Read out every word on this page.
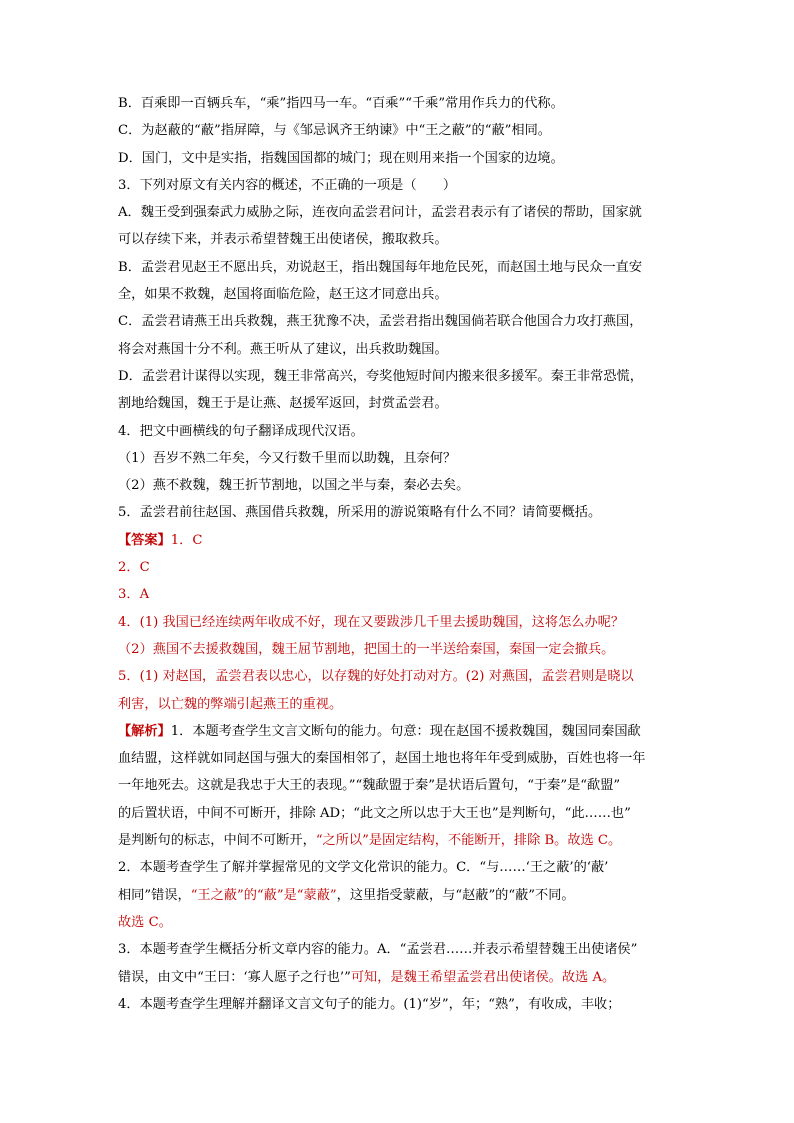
B．百乘即一百辆兵车，“乘”指四马一车。“百乘”“千乘”常用作兵力的代称。
C．为赵蔽的“蔽”指屏障，与《邹忌讽齐王纳谏》中“王之蔽”的“蔽”相同。
D．国门，文中是实指，指魏国国都的城门；现在则用来指一个国家的边境。
3．下列对原文有关内容的概述，不正确的一项是（　　）
A．魏王受到强秦武力威胁之际，连夜向孟尝君问计，孟尝君表示有了诸侯的帮助，国家就
可以存续下来，并表示希望替魏王出使诸侯，搬取救兵。
B．孟尝君见赵王不愿出兵，劝说赵王，指出魏国每年地危民死，而赵国土地与民众一直安
全，如果不救魏，赵国将面临危险，赵王这才同意出兵。
C．孟尝君请燕王出兵救魏，燕王犹豫不决，孟尝君指出魏国倘若联合他国合力攻打燕国，
将会对燕国十分不利。燕王听从了建议，出兵救助魏国。
D．孟尝君计谋得以实现，魏王非常高兴，夸奖他短时间内搬来很多援军。秦王非常恐慌，
割地给魏国，魏王于是让燕、赵援军返回，封赏孟尝君。
4．把文中画横线的句子翻译成现代汉语。
（1）吾岁不熟二年矣，今又行数千里而以助魏，且奈何？
（2）燕不救魏，魏王折节割地，以国之半与秦，秦必去矣。
5．孟尝君前往赵国、燕国借兵救魏，所采用的游说策略有什么不同？请简要概括。
【答案】1．C
2．C
3．A
4．(1) 我国已经连续两年收成不好，现在又要跋涉几千里去援助魏国，这将怎么办呢？
（2）燕国不去援救魏国，魏王屈节割地，把国土的一半送给秦国，秦国一定会撤兵。
5．(1) 对赵国，孟尝君表以忠心，以存魏的好处打动对方。(2) 对燕国，孟尝君则是晓以
利害，以亡魏的弊端引起燕王的重视。
【解析】1．本题考查学生文言文断句的能力。句意：现在赵国不援救魏国，魏国同秦国歃
血结盟，这样就如同赵国与强大的秦国相邻了，赵国土地也将年年受到威胁，百姓也将一年
一年地死去。这就是我忠于大王的表现。”“魏歃盟于秦”是状语后置句，“于秦”是“歃盟”
的后置状语，中间不可断开，排除 AD；“此文之所以忠于大王也”是判断句，“此……也”
是判断句的标志，中间不可断开，“之所以”是固定结构，不能断开，排除 B。故选 C。
2．本题考查学生了解并掌握常见的文学文化常识的能力。C．“与……‘王之蔽’的‘蔽’
相同”错误，“王之蔽”的“蔽”是“蒙蔽”，这里指受蒙蔽，与“赵蔽”的“蔽”不同。
故选 C。
3．本题考查学生概括分析文章内容的能力。A．“孟尝君……并表示希望替魏王出使诸侯”
错误，由文中“王曰：‘寡人愿子之行也’”可知，是魏王希望孟尝君出使诸侯。故选 A。
4．本题考查学生理解并翻译文言文句子的能力。(1)“岁”，年；“熟”，有收成，丰收；
